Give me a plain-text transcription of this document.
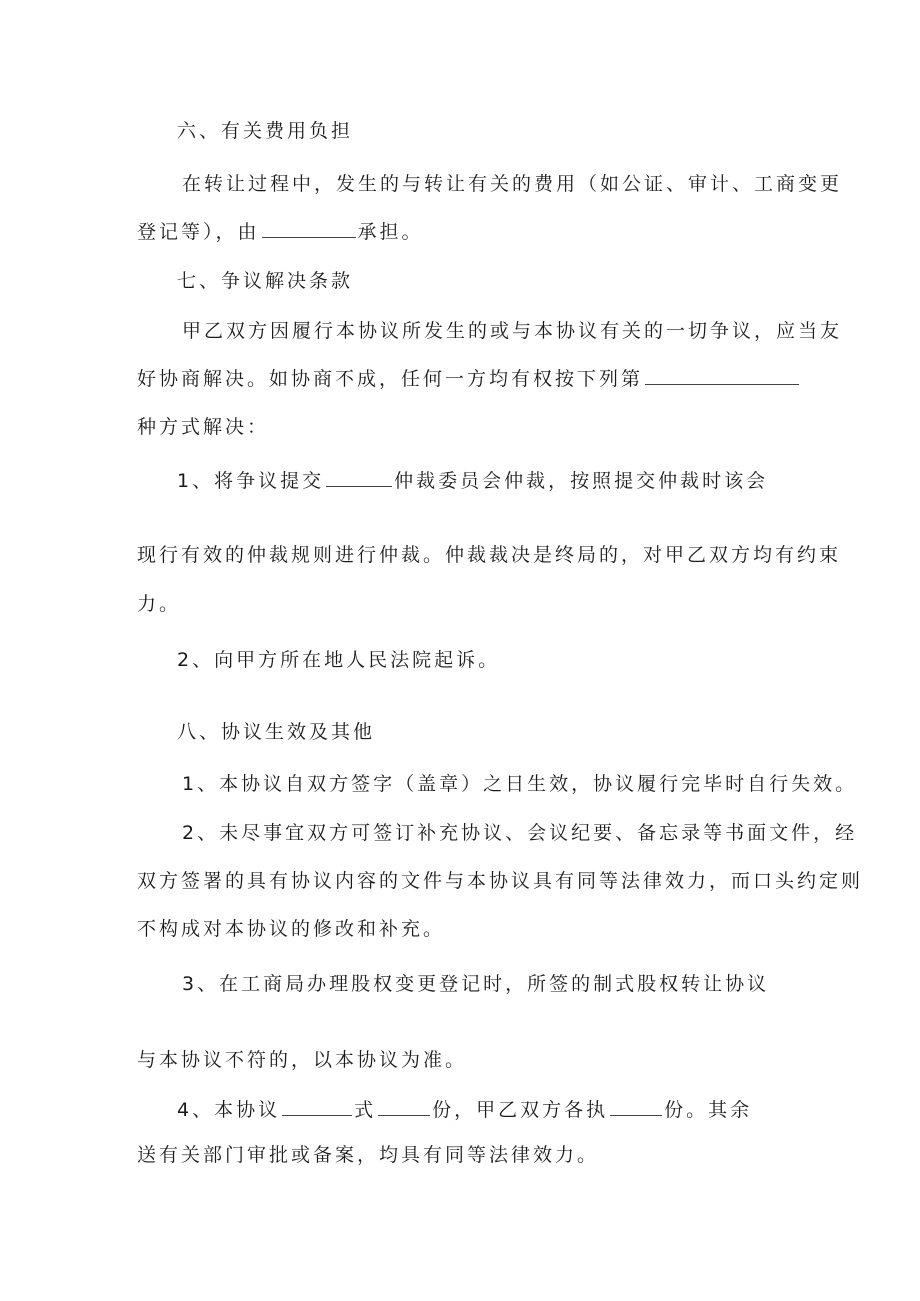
六、有关费用负担

在转让过程中，发生的与转让有关的费用（如公证、审计、工商变更

登记等），由	承担。

七、争议解决条款

甲乙双方因履行本协议所发生的或与本协议有关的一切争议，应当友

好协商解决。如协商不成，任何一方均有权按下列第

种方式解决：

1、将争议提交	仲裁委员会仲裁，按照提交仲裁时该会

现行有效的仲裁规则进行仲裁。仲裁裁决是终局的，对甲乙双方均有约束

力。

2、向甲方所在地人民法院起诉。

八、协议生效及其他

1、本协议自双方签字（盖章）之日生效，协议履行完毕时自行失效。

2、未尽事宜双方可签订补充协议、会议纪要、备忘录等书面文件，经

双方签署的具有协议内容的文件与本协议具有同等法律效力，而口头约定则

不构成对本协议的修改和补充。

3、在工商局办理股权变更登记时，所签的制式股权转让协议

与本协议不符的，以本协议为准。

4、本协议	式	份，甲乙双方各执	份。其余

送有关部门审批或备案，均具有同等法律效力。
